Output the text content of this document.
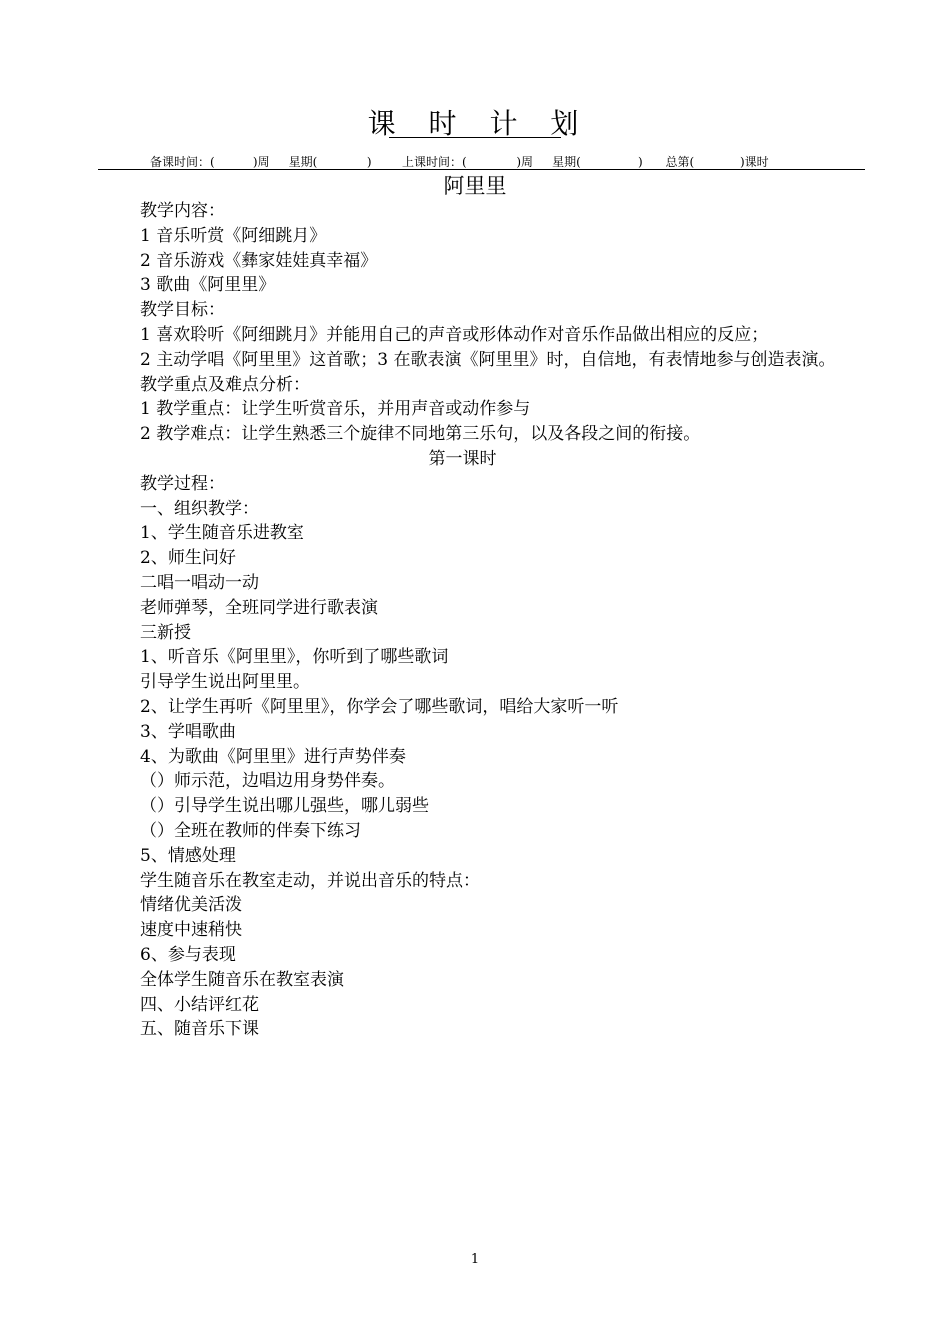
课 时 计 划
备课时间：(          )周     星期(             )        上课时间：(             )周     星期(               )      总第(            )课时
阿里里
教学内容：
1 音乐听赏《阿细跳月》
2 音乐游戏《彝家娃娃真幸福》
3 歌曲《阿里里》
教学目标：
1 喜欢聆听《阿细跳月》并能用自己的声音或形体动作对音乐作品做出相应的反应；
2 主动学唱《阿里里》这首歌；3 在歌表演《阿里里》时，自信地，有表情地参与创造表演。
教学重点及难点分析：
1 教学重点：让学生听赏音乐，并用声音或动作参与
2 教学难点：让学生熟悉三个旋律不同地第三乐句，以及各段之间的衔接。
第一课时
教学过程：
一、组织教学：
1、学生随音乐进教室
2、师生问好
二唱一唱动一动
老师弹琴，全班同学进行歌表演
三新授
1、听音乐《阿里里》，你听到了哪些歌词
引导学生说出阿里里。
2、让学生再听《阿里里》，你学会了哪些歌词，唱给大家听一听
3、学唱歌曲
4、为歌曲《阿里里》进行声势伴奏
（）师示范，边唱边用身势伴奏。
（）引导学生说出哪儿强些，哪儿弱些
（）全班在教师的伴奏下练习
5、情感处理
学生随音乐在教室走动，并说出音乐的特点：
情绪优美活泼
速度中速稍快
6、参与表现
全体学生随音乐在教室表演
四、小结评红花
五、随音乐下课
1
